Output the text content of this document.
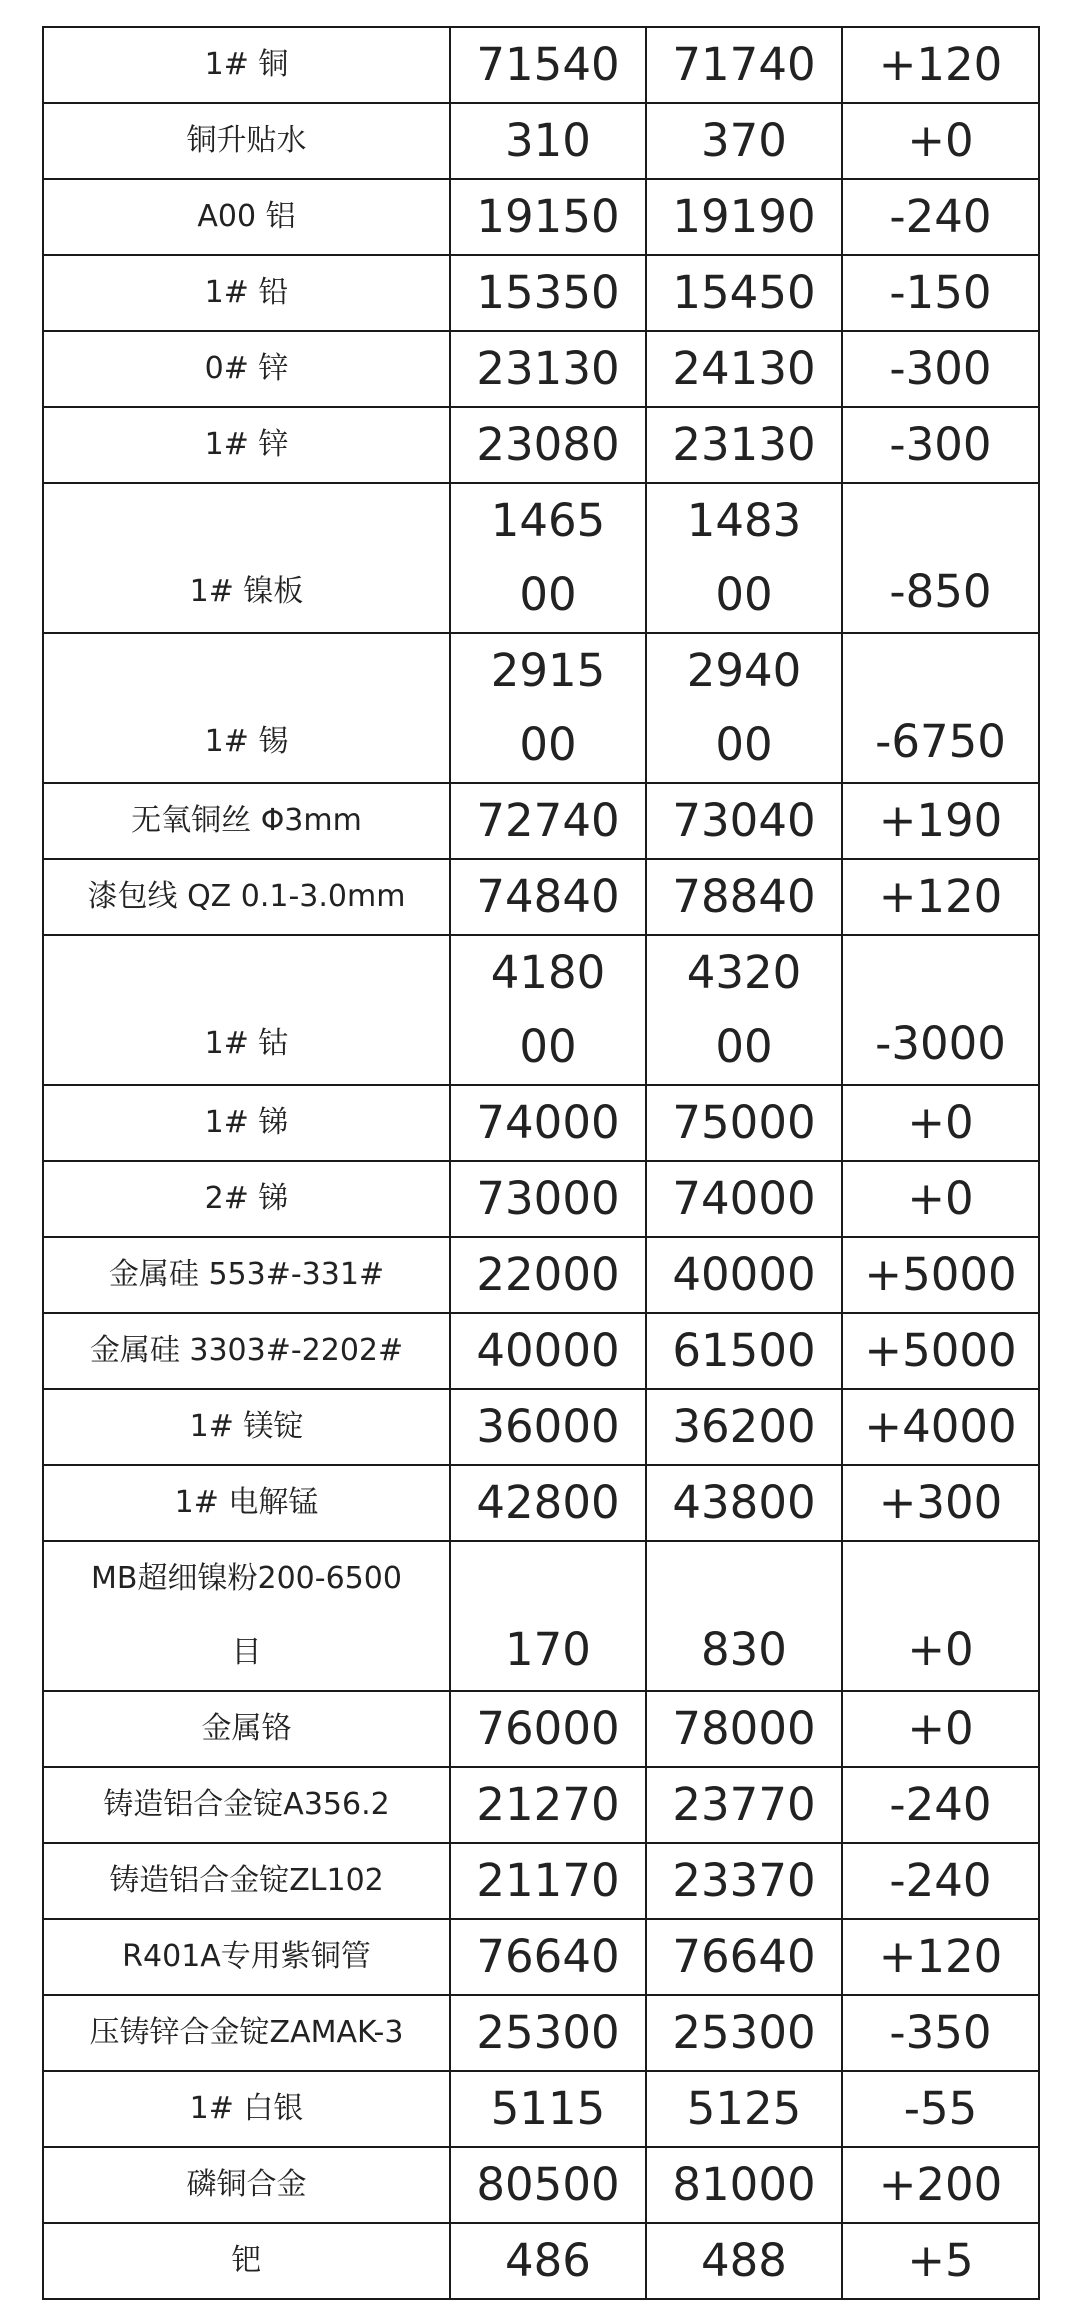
1# 铜	71540	71740	+120

铜升贴水	310	370	+0

A00 铝	19150	19190	-240

1# 铅	15350	15450	-150

0# 锌	23130	24130	-300

1# 锌	23080	23130	-300

1# 镍板	146500	148300	-850

1# 锡	291500	294000	-6750

无氧铜丝 Φ3mm	72740	73040	+190

漆包线 QZ 0.1-3.0mm	74840	78840	+120

1# 钴	418000	432000	-3000

1# 锑	74000	75000	+0

2# 锑	73000	74000	+0

金属硅 553#-331#	22000	40000	+5000

金属硅 3303#-2202#	40000	61500	+5000

1# 镁锭	36000	36200	+4000

1# 电解锰	42800	43800	+300

MB超细镍粉200-6500目	170	830	+0

金属铬	76000	78000	+0

铸造铝合金锭A356.2	21270	23770	-240

铸造铝合金锭ZL102	21170	23370	-240

R401A专用紫铜管	76640	76640	+120

压铸锌合金锭ZAMAK-3	25300	25300	-350

1# 白银	5115	5125	-55

磷铜合金	80500	81000	+200

钯	486	488	+5
